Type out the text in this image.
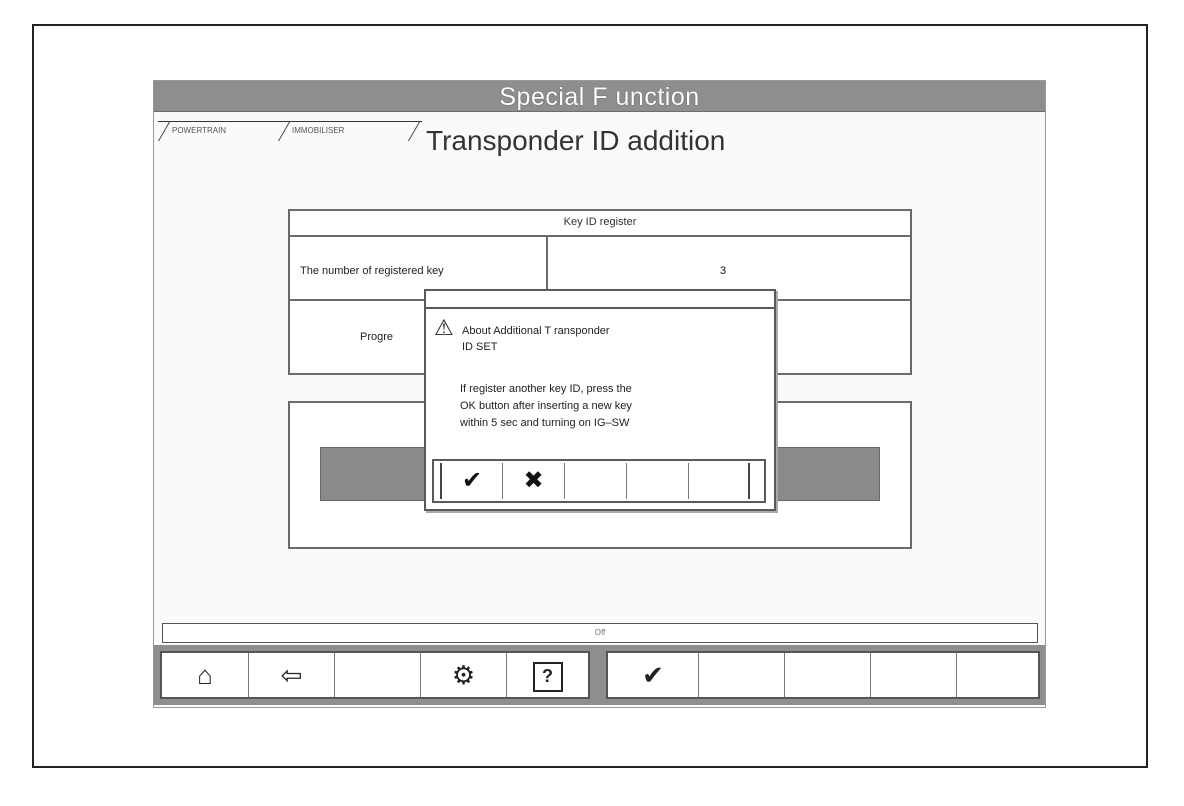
Special F unction
POWERTRAIN	IMMOBILISER	Transponder ID addition
Key ID register
The number of registered key	3
Progre ⚠ About Additional T ransponder
ID SET
If register another key ID, press the
OK button after inserting a new key
within 5 sec and turning on IG–SW
✔	✖
Off
⌂	⇦	⚙	?	✔
